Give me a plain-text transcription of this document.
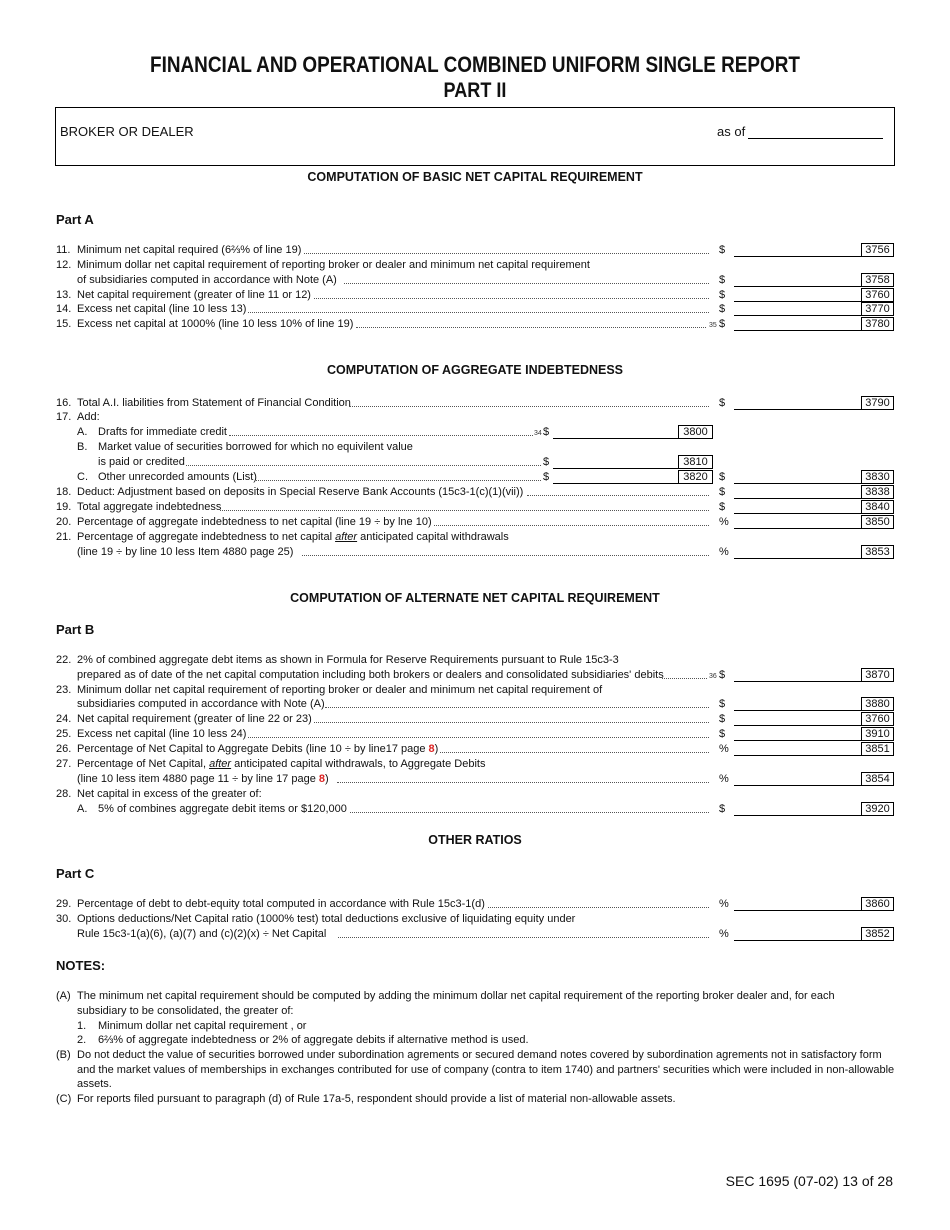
FINANCIAL AND OPERATIONAL COMBINED UNIFORM SINGLE REPORT
PART II
BROKER OR DEALER	as of
COMPUTATION OF BASIC NET CAPITAL REQUIREMENT
Part A
11. Minimum net capital required (6⅔% of line 19)	$	3756
12. Minimum dollar net capital requirement of reporting broker or dealer and minimum net capital requirement
of subsidiaries computed in accordance with Note (A)	$	3758
13. Net capital requirement (greater of line 11 or 12)	$	3760
14. Excess net capital (line 10 less 13)	$	3770
15. Excess net capital at 1000% (line 10 less 10% of line 19)	35 $	3780
COMPUTATION OF AGGREGATE INDEBTEDNESS
16. Total A.I. liabilities from Statement of Financial Condition	$	3790
17. Add:
A. Drafts for immediate credit	34 $	3800
B. Market value of securities borrowed for which no equivilent value
is paid or credited	$	3810
C. Other unrecorded amounts (List)	$	3820	$	3830
18. Deduct: Adjustment based on deposits in Special Reserve Bank Accounts (15c3-1(c)(1)(vii))	$	3838
19. Total aggregate indebtedness	$	3840
20. Percentage of aggregate indebtedness to net capital (line 19 ÷ by lne 10)	%	3850
21. Percentage of aggregate indebtedness to net capital after anticipated capital withdrawals
(line 19 ÷ by line 10 less Item 4880 page 25)	%	3853
COMPUTATION OF ALTERNATE NET CAPITAL REQUIREMENT
Part B
22. 2% of combined aggregate debt items as shown in Formula for Reserve Requirements pursuant to Rule 15c3-3
prepared as of date of the net capital computation including both brokers or dealers and consolidated subsidiaries' debits	36 $	3870
23. Minimum dollar net capital requirement of reporting broker or dealer and minimum net capital requirement of
subsidiaries computed in accordance with Note (A)	$	3880
24. Net capital requirement (greater of line 22 or 23)	$	3760
25. Excess net capital (line 10 less 24)	$	3910
26. Percentage of Net Capital to Aggregate Debits (line 10 ÷ by line17 page 8)	%	3851
27. Percentage of Net Capital, after anticipated capital withdrawals, to Aggregate Debits
(line 10 less item 4880 page 11 ÷ by line 17 page 8)	%	3854
28. Net capital in excess of the greater of:
A. 5% of combines aggregate debit items or $120,000	$	3920
OTHER RATIOS
Part C
29. Percentage of debt to debt-equity total computed in accordance with Rule 15c3-1(d)	%	3860
30. Options deductions/Net Capital ratio (1000% test) total deductions exclusive of liquidating equity under
Rule 15c3-1(a)(6), (a)(7) and (c)(2)(x) ÷ Net Capital	%	3852
NOTES:
(A) The minimum net capital requirement should be computed by adding the minimum dollar net capital requirement of the reporting broker dealer and, for each
subsidiary to be consolidated, the greater of:
1. Minimum dollar net capital requirement , or
2. 6⅔% of aggregate indebtedness or 2% of aggregate debits if alternative method is used.
(B) Do not deduct the value of securities borrowed under subordination agrements or secured demand notes covered by subordination agrements not in satisfactory form
and the market values of memberships in exchanges contributed for use of company (contra to item 1740) and partners' securities which were included in non-allowable
assets.
(C) For reports filed pursuant to paragraph (d) of Rule 17a-5, respondent should provide a list of material non-allowable assets.
SEC 1695 (07-02) 13 of 28
